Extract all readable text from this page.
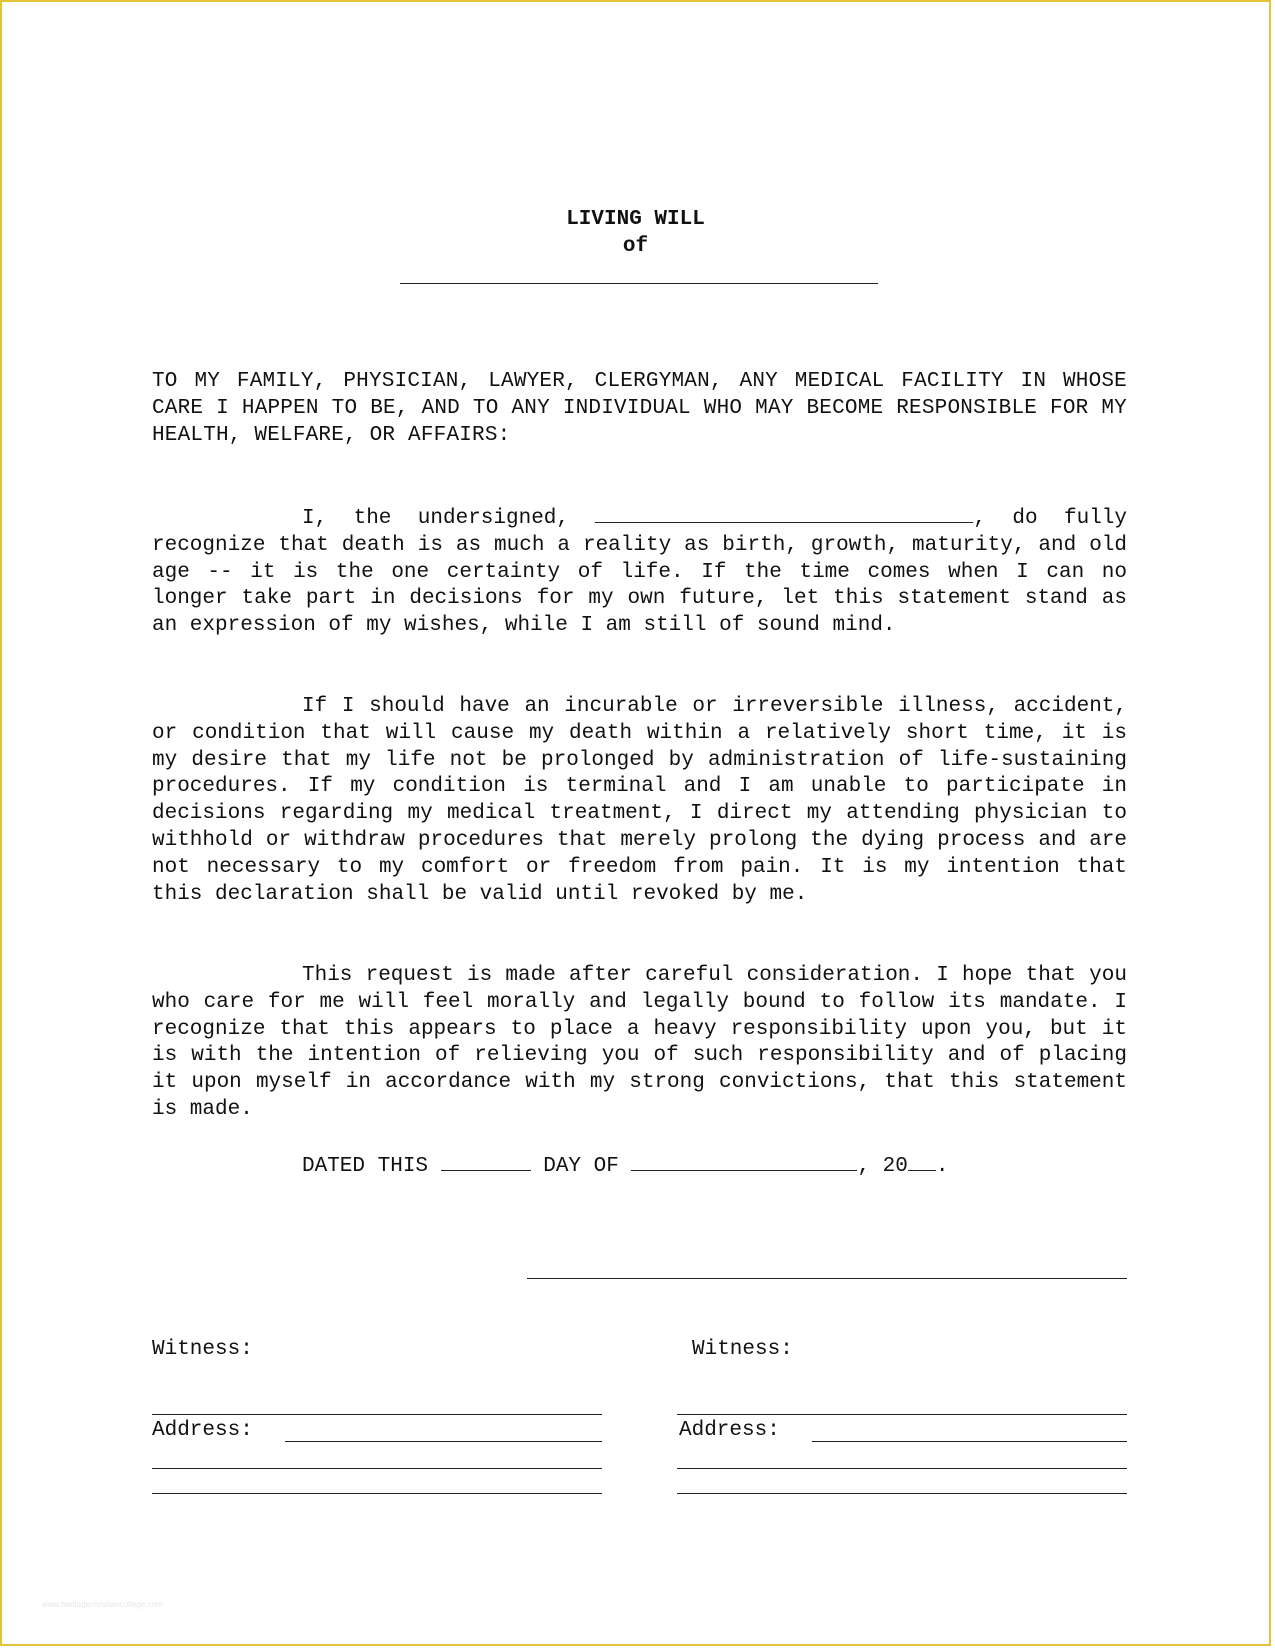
LIVING WILL
of
TO MY FAMILY, PHYSICIAN, LAWYER, CLERGYMAN, ANY MEDICAL FACILITY IN WHOSE CARE I HAPPEN TO BE, AND TO ANY INDIVIDUAL WHO MAY BECOME RESPONSIBLE FOR MY HEALTH, WELFARE, OR AFFAIRS:
I, the undersigned,	, do fully recognize that death is as much a reality as birth, growth, maturity, and old age -- it is the one certainty of life. If the time comes when I can no longer take part in decisions for my own future, let this statement stand as an expression of my wishes, while I am still of sound mind.
If I should have an incurable or irreversible illness, accident, or condition that will cause my death within a relatively short time, it is my desire that my life not be prolonged by administration of life-sustaining procedures. If my condition is terminal and I am unable to participate in decisions regarding my medical treatment, I direct my attending physician to withhold or withdraw procedures that merely prolong the dying process and are not necessary to my comfort or freedom from pain. It is my intention that this declaration shall be valid until revoked by me.
This request is made after careful consideration. I hope that you who care for me will feel morally and legally bound to follow its mandate. I recognize that this appears to place a heavy responsibility upon you, but it is with the intention of relieving you of such responsibility and of placing it upon myself in accordance with my strong convictions, that this statement is made.
DATED THIS	DAY OF	, 20 .
Witness:	Witness:
Address:	Address:
www.heritagechristiancollege.com
